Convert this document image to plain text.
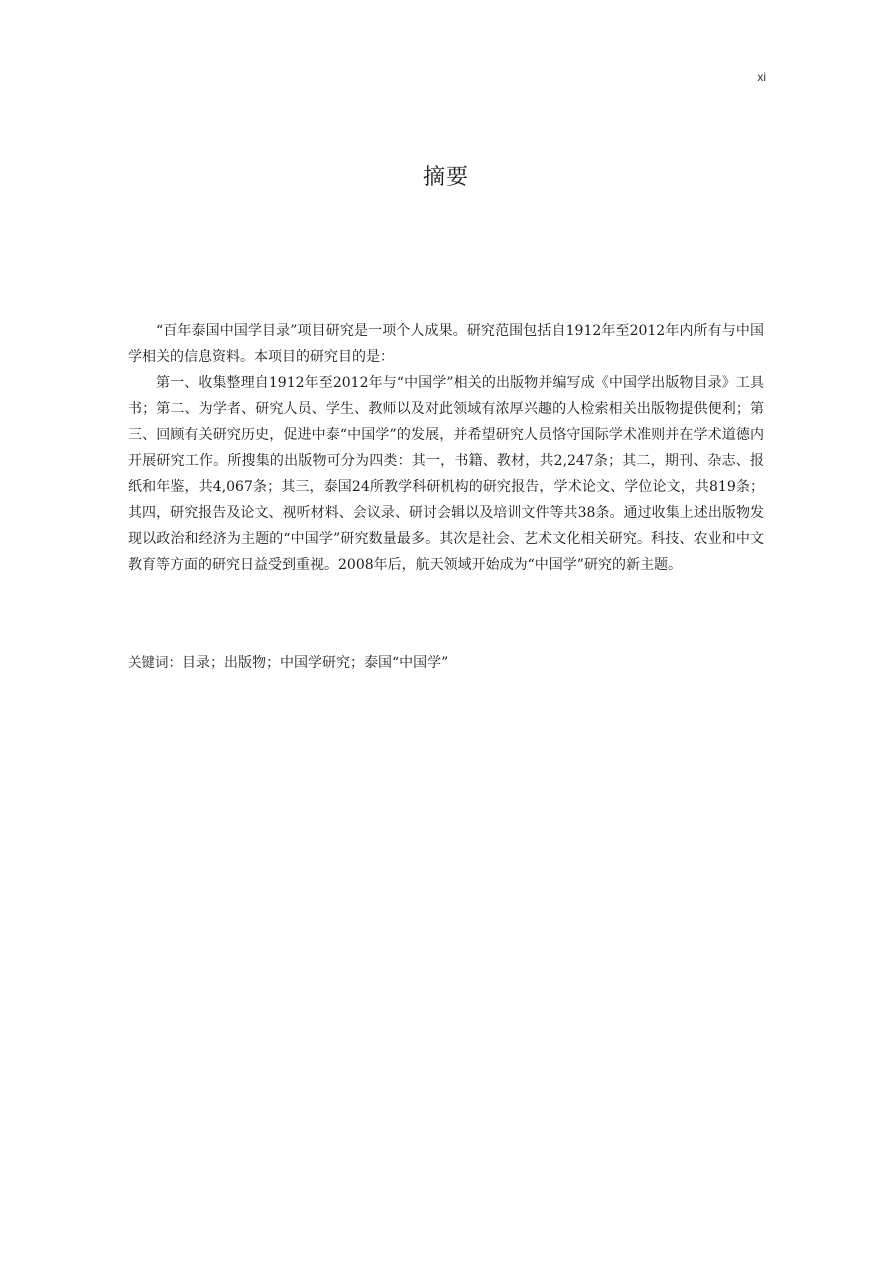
xi
摘要

“百年泰国中国学目录”项目研究是一项个人成果。研究范围包括自1912年至2012年内所有与中国学相关的信息资料。本项目的研究目的是：

第一、收集整理自1912年至2012年与“中国学”相关的出版物并编写成《中国学出版物目录》工具书；第二、为学者、研究人员、学生、教师以及对此领域有浓厚兴趣的人检索相关出版物提供便利；第三、回顾有关研究历史，促进中泰“中国学”的发展，并希望研究人员恪守国际学术准则并在学术道德内开展研究工作。所搜集的出版物可分为四类：其一，书籍、教材，共2,247条；其二，期刊、杂志、报纸和年鉴，共4,067条；其三，泰国24所教学科研机构的研究报告，学术论文、学位论文，共819条；其四，研究报告及论文、视听材料、会议录、研讨会辑以及培训文件等共38条。通过收集上述出版物发现以政治和经济为主题的“中国学”研究数量最多。其次是社会、艺术文化相关研究。科技、农业和中文教育等方面的研究日益受到重视。2008年后，航天领域开始成为“中国学”研究的新主题。

关键词：目录；出版物；中国学研究；泰国“中国学”
